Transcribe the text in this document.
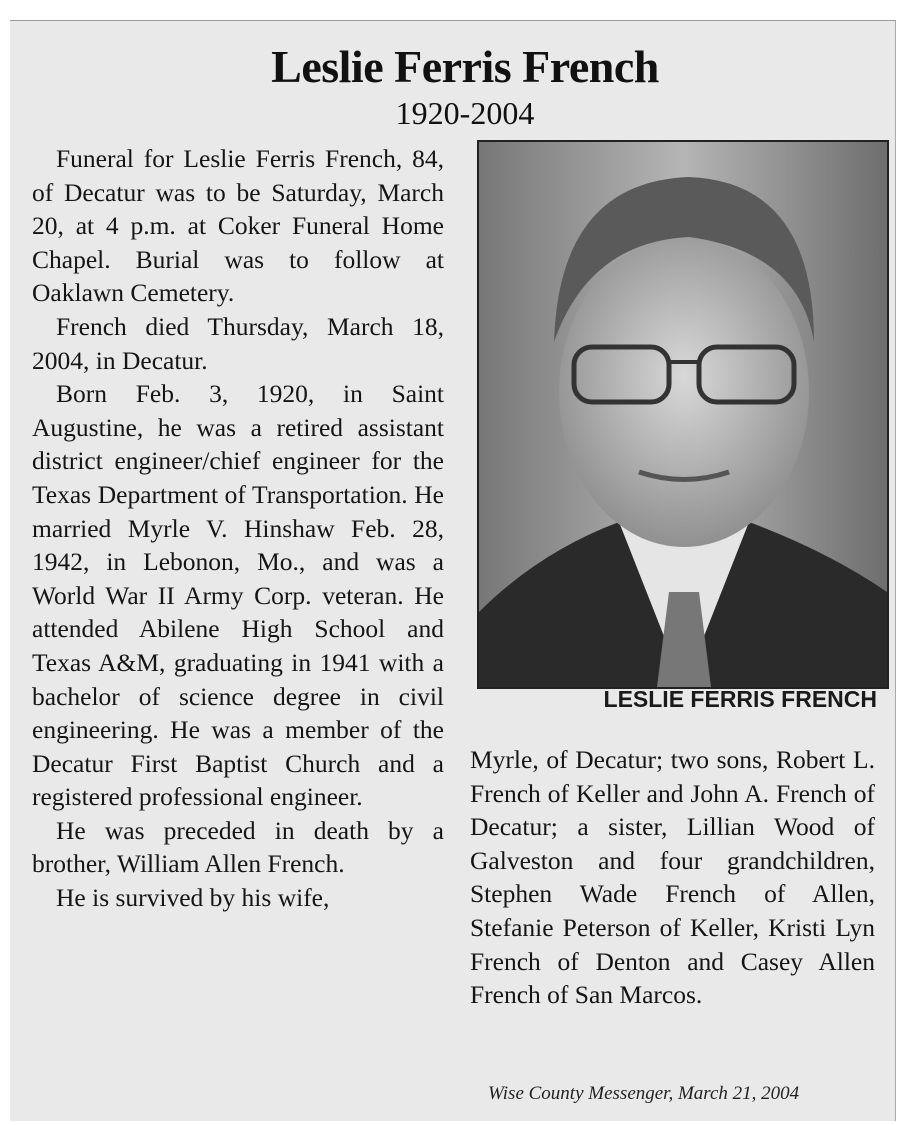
Leslie Ferris French
1920-2004

Funeral for Leslie Ferris French, 84, of Decatur was to be Saturday, March 20, at 4 p.m. at Coker Funeral Home Chapel. Burial was to follow at Oaklawn Cemetery.

French died Thursday, March 18, 2004, in Decatur.

Born Feb. 3, 1920, in Saint Augustine, he was a retired assistant district engineer/chief engineer for the Texas Department of Transportation. He married Myrle V. Hinshaw Feb. 28, 1942, in Lebonon, Mo., and was a World War II Army Corp. veteran. He attended Abilene High School and Texas A&M, graduating in 1941 with a bachelor of science degree in civil engineering. He was a member of the Decatur First Baptist Church and a registered professional engineer.

He was preceded in death by a brother, William Allen French.

He is survived by his wife,

LESLIE FERRIS FRENCH

Myrle, of Decatur; two sons, Robert L. French of Keller and John A. French of Decatur; a sister, Lillian Wood of Galveston and four grandchildren, Stephen Wade French of Allen, Stefanie Peterson of Keller, Kristi Lyn French of Denton and Casey Allen French of San Marcos.

Wise County Messenger, March 21, 2004
